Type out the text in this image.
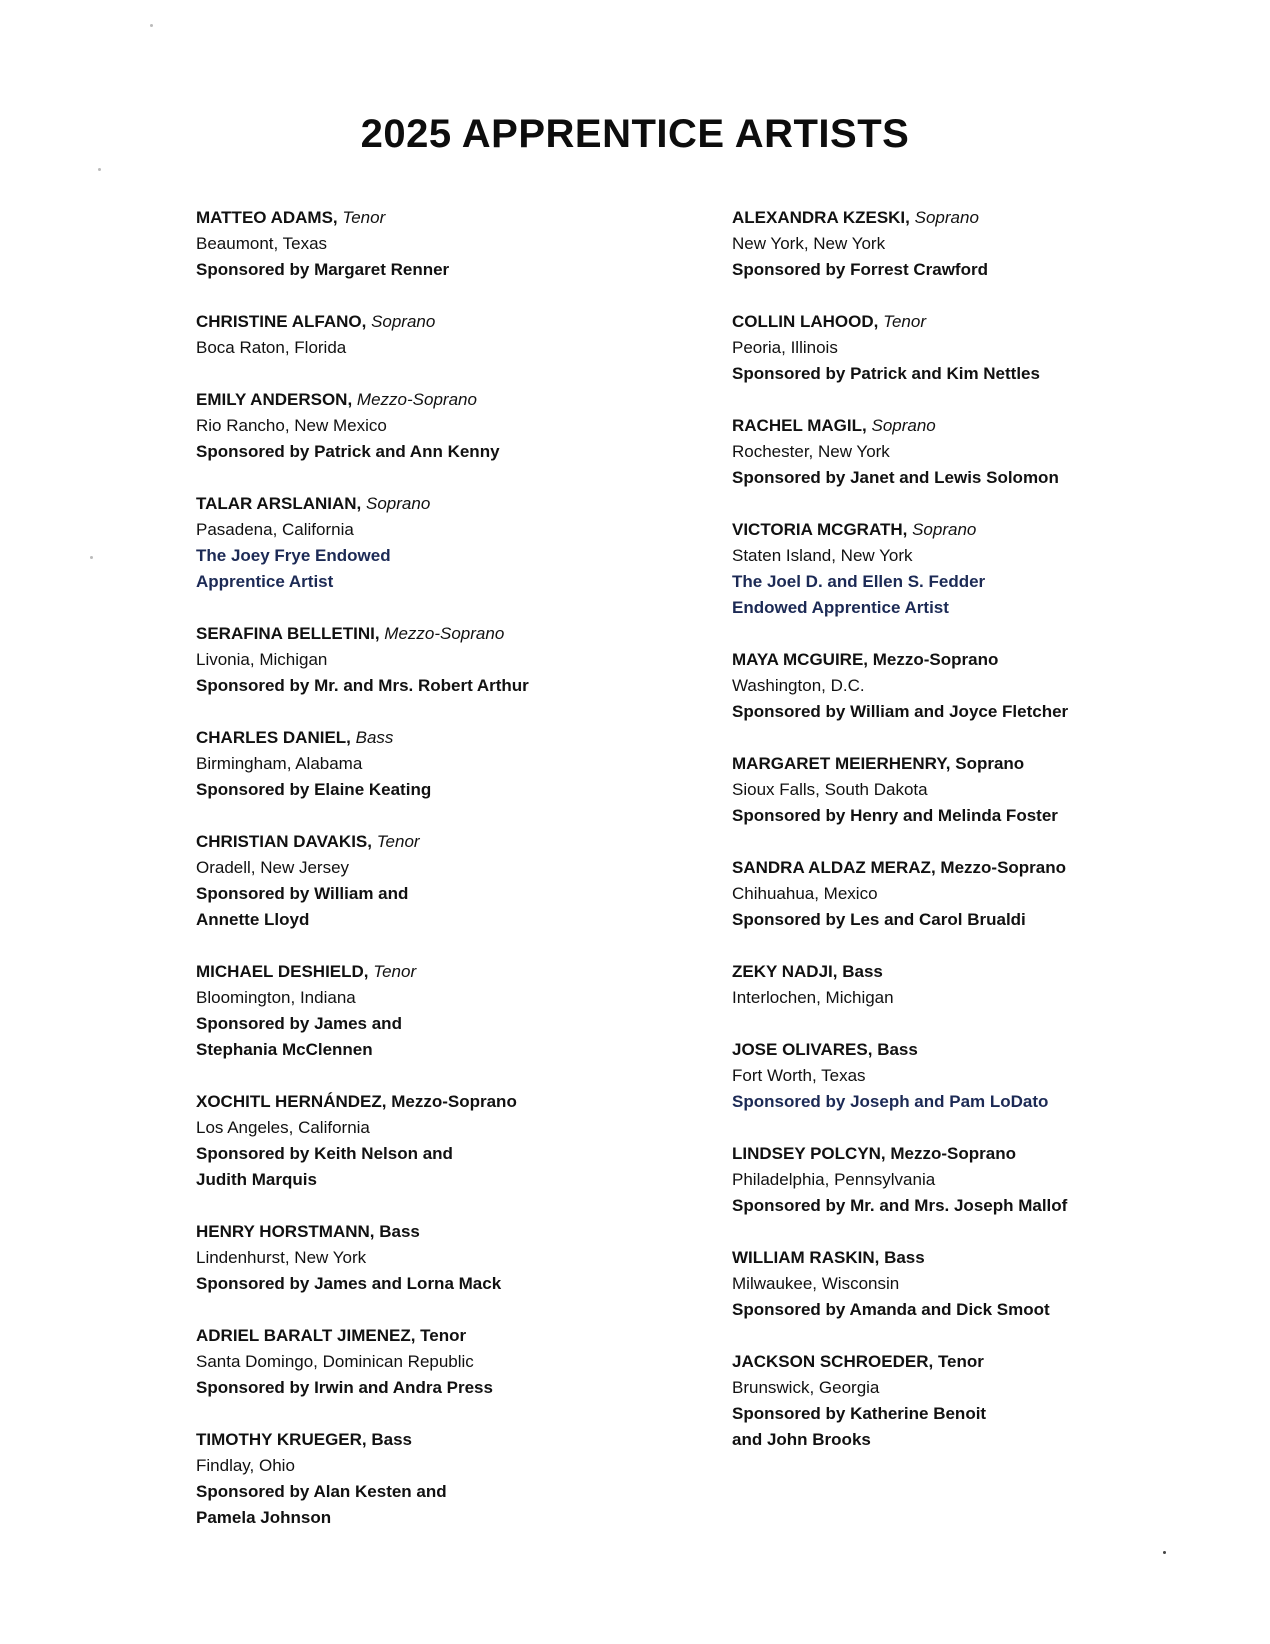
2025 APPRENTICE ARTISTS
MATTEO ADAMS, Tenor
Beaumont, Texas
Sponsored by Margaret Renner
CHRISTINE ALFANO, Soprano
Boca Raton, Florida
EMILY ANDERSON, Mezzo-Soprano
Rio Rancho, New Mexico
Sponsored by Patrick and Ann Kenny
TALAR ARSLANIAN, Soprano
Pasadena, California
The Joey Frye Endowed
Apprentice Artist
SERAFINA BELLETINI, Mezzo-Soprano
Livonia, Michigan
Sponsored by Mr. and Mrs. Robert Arthur
CHARLES DANIEL, Bass
Birmingham, Alabama
Sponsored by Elaine Keating
CHRISTIAN DAVAKIS, Tenor
Oradell, New Jersey
Sponsored by William and
Annette Lloyd
MICHAEL DESHIELD, Tenor
Bloomington, Indiana
Sponsored by James and
Stephania McClennen
XOCHITL HERNÁNDEZ, Mezzo-Soprano
Los Angeles, California
Sponsored by Keith Nelson and
Judith Marquis
HENRY HORSTMANN, Bass
Lindenhurst, New York
Sponsored by James and Lorna Mack
ADRIEL BARALT JIMENEZ, Tenor
Santa Domingo, Dominican Republic
Sponsored by Irwin and Andra Press
TIMOTHY KRUEGER, Bass
Findlay, Ohio
Sponsored by Alan Kesten and
Pamela Johnson
ALEXANDRA KZESKI, Soprano
New York, New York
Sponsored by Forrest Crawford
COLLIN LAHOOD, Tenor
Peoria, Illinois
Sponsored by Patrick and Kim Nettles
RACHEL MAGIL, Soprano
Rochester, New York
Sponsored by Janet and Lewis Solomon
VICTORIA MCGRATH, Soprano
Staten Island, New York
The Joel D. and Ellen S. Fedder
Endowed Apprentice Artist
MAYA MCGUIRE, Mezzo-Soprano
Washington, D.C.
Sponsored by William and Joyce Fletcher
MARGARET MEIERHENRY, Soprano
Sioux Falls, South Dakota
Sponsored by Henry and Melinda Foster
SANDRA ALDAZ MERAZ, Mezzo-Soprano
Chihuahua, Mexico
Sponsored by Les and Carol Brualdi
ZEKY NADJI, Bass
Interlochen, Michigan
JOSE OLIVARES, Bass
Fort Worth, Texas
Sponsored by Joseph and Pam LoDato
LINDSEY POLCYN, Mezzo-Soprano
Philadelphia, Pennsylvania
Sponsored by Mr. and Mrs. Joseph Mallof
WILLIAM RASKIN, Bass
Milwaukee, Wisconsin
Sponsored by Amanda and Dick Smoot
JACKSON SCHROEDER, Tenor
Brunswick, Georgia
Sponsored by Katherine Benoit
and John Brooks
